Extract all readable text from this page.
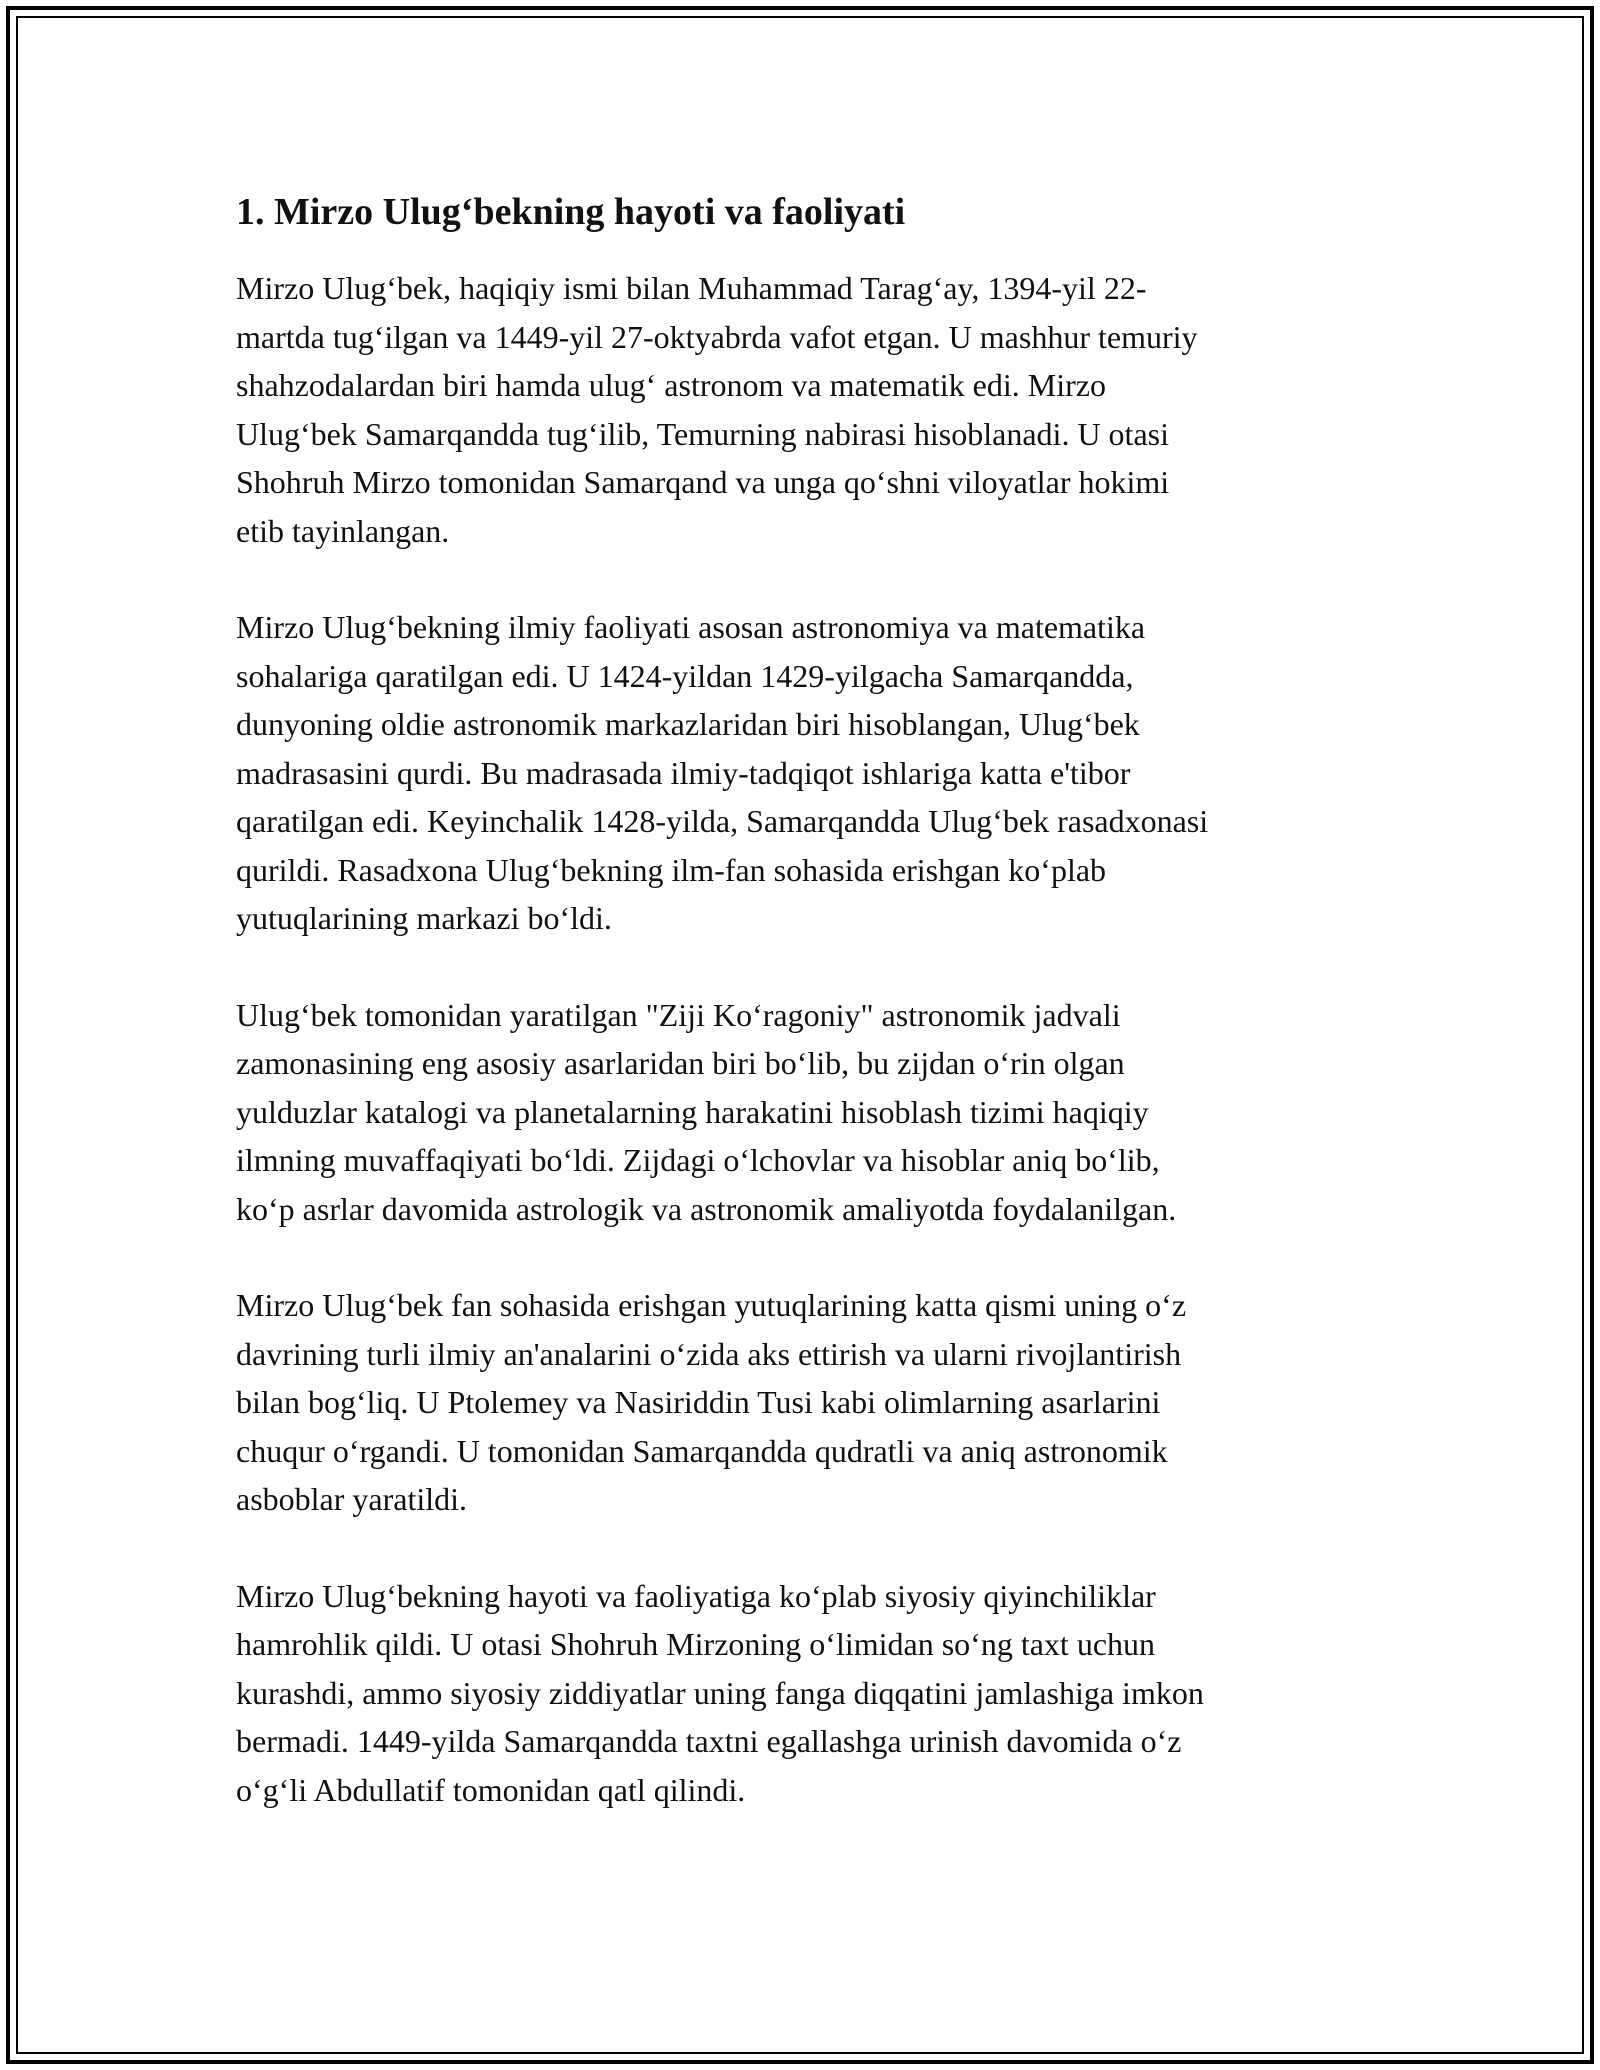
1. Mirzo Ulug‘bekning hayoti va faoliyati

Mirzo Ulug‘bek, haqiqiy ismi bilan Muhammad Tarag‘ay, 1394-yil 22-
martda tug‘ilgan va 1449-yil 27-oktyabrda vafot etgan. U mashhur temuriy
shahzodalardan biri hamda ulug‘ astronom va matematik edi. Mirzo
Ulug‘bek Samarqandda tug‘ilib, Temurning nabirasi hisoblanadi. U otasi
Shohruh Mirzo tomonidan Samarqand va unga qo‘shni viloyatlar hokimi
etib tayinlangan.

Mirzo Ulug‘bekning ilmiy faoliyati asosan astronomiya va matematika
sohalariga qaratilgan edi. U 1424-yildan 1429-yilgacha Samarqandda,
dunyoning oldie astronomik markazlaridan biri hisoblangan, Ulug‘bek
madrasasini qurdi. Bu madrasada ilmiy-tadqiqot ishlariga katta e'tibor
qaratilgan edi. Keyinchalik 1428-yilda, Samarqandda Ulug‘bek rasadxonasi
qurildi. Rasadxona Ulug‘bekning ilm-fan sohasida erishgan ko‘plab
yutuqlarining markazi bo‘ldi.

Ulug‘bek tomonidan yaratilgan "Ziji Ko‘ragoniy" astronomik jadvali
zamonasining eng asosiy asarlaridan biri bo‘lib, bu zijdan o‘rin olgan
yulduzlar katalogi va planetalarning harakatini hisoblash tizimi haqiqiy
ilmning muvaffaqiyati bo‘ldi. Zijdagi o‘lchovlar va hisoblar aniq bo‘lib,
ko‘p asrlar davomida astrologik va astronomik amaliyotda foydalanilgan.

Mirzo Ulug‘bek fan sohasida erishgan yutuqlarining katta qismi uning o‘z
davrining turli ilmiy an'analarini o‘zida aks ettirish va ularni rivojlantirish
bilan bog‘liq. U Ptolemey va Nasiriddin Tusi kabi olimlarning asarlarini
chuqur o‘rgandi. U tomonidan Samarqandda qudratli va aniq astronomik
asboblar yaratildi.

Mirzo Ulug‘bekning hayoti va faoliyatiga ko‘plab siyosiy qiyinchiliklar
hamrohlik qildi. U otasi Shohruh Mirzoning o‘limidan so‘ng taxt uchun
kurashdi, ammo siyosiy ziddiyatlar uning fanga diqqatini jamlashiga imkon
bermadi. 1449-yilda Samarqandda taxtni egallashga urinish davomida o‘z
o‘g‘li Abdullatif tomonidan qatl qilindi.
